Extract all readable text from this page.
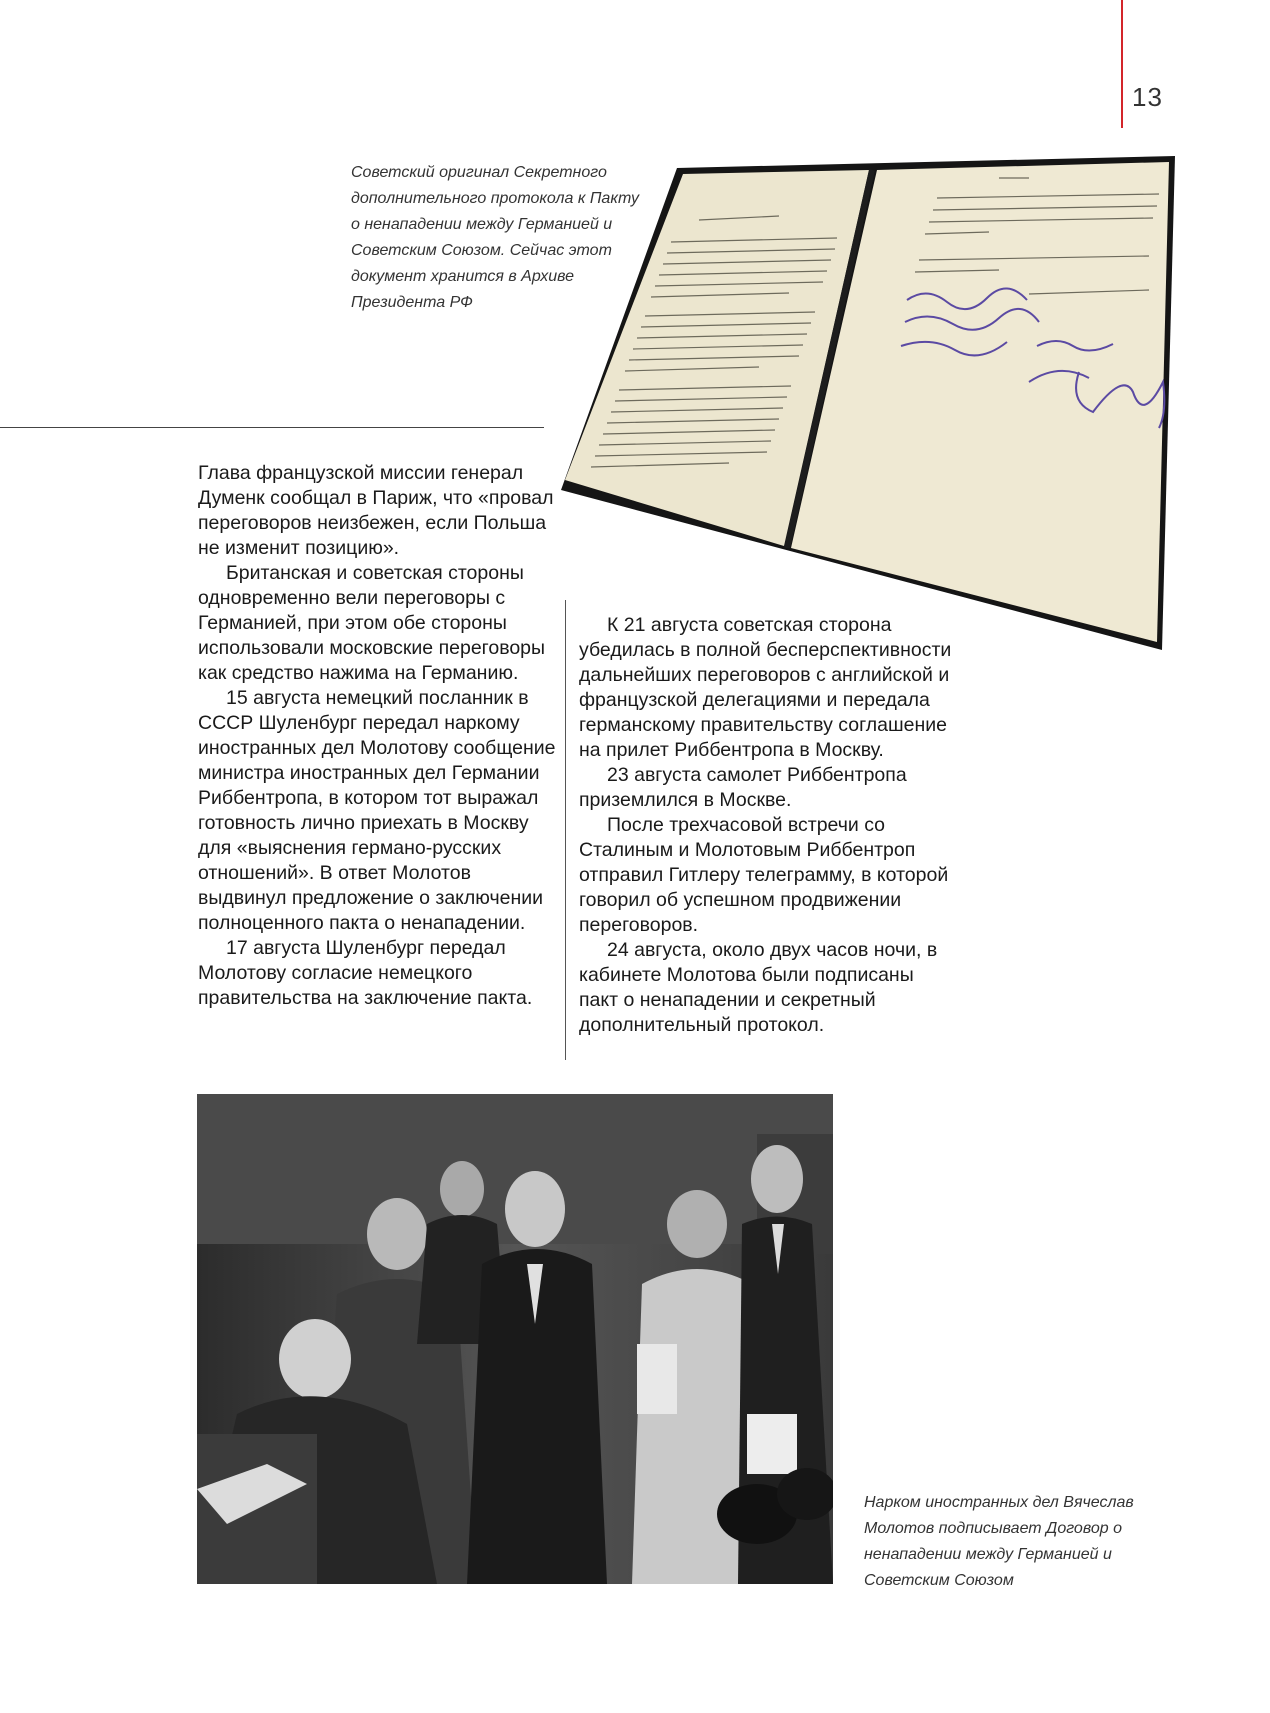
13

Советский оригинал Секретного дополнительного протокола к Пакту о ненападении между Германией и Советским Союзом. Сейчас этот документ хранится в Архиве Президента РФ

Глава французской миссии генерал Думенк сообщал в Париж, что «провал переговоров неизбежен, если Польша не изменит позицию».

Британская и советская стороны одновременно вели переговоры с Германией, при этом обе стороны использовали московские переговоры как средство нажима на Германию.

15 августа немецкий посланник в СССР Шуленбург передал наркому иностранных дел Молотову сообщение министра иностранных дел Германии Риббентропа, в котором тот выражал готовность лично приехать в Москву для «выяснения германо-русских отношений». В ответ Молотов выдвинул предложение о заключении полноценного пакта о ненападении.

17 августа Шуленбург передал Молотову согласие немецкого правительства на заключение пакта.

К 21 августа советская сторона убедилась в полной бесперспективности дальнейших переговоров с английской и французской делегациями и передала германскому правительству соглашение на прилет Риббентропа в Москву.

23 августа самолет Риббентропа приземлился в Москве.

После трехчасовой встречи со Сталиным и Молотовым Риббентроп отправил Гитлеру телеграмму, в которой говорил об успешном продвижении переговоров.

24 августа, около двух часов ночи, в кабинете Молотова были подписаны пакт о ненападении и секретный дополнительный протокол.

Нарком иностранных дел Вячеслав Молотов подписывает Договор о ненападении между Германией и Советским Союзом
